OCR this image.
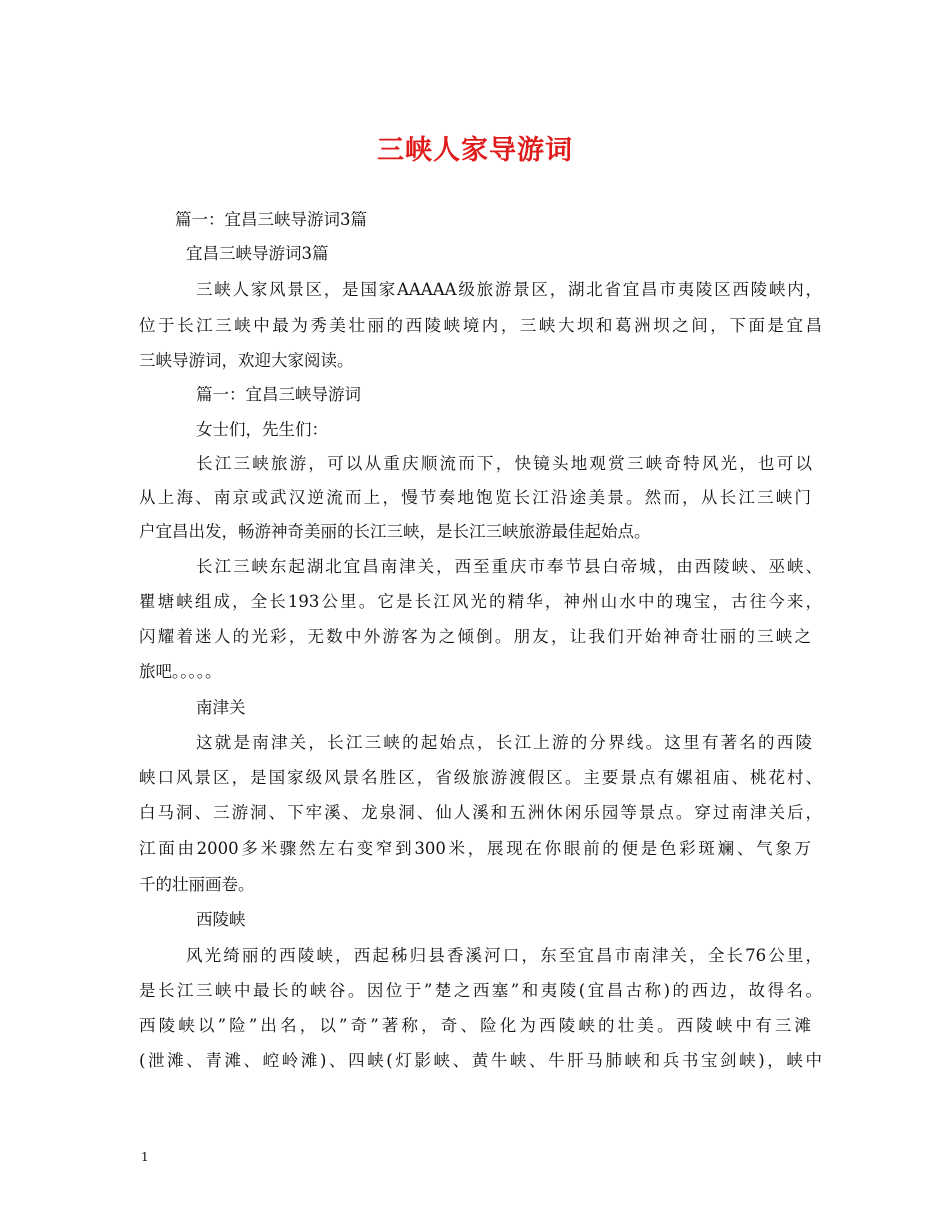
三峡人家导游词
篇一：宜昌三峡导游词3篇
宜昌三峡导游词3篇
三峡人家风景区，是国家AAAAA级旅游景区，湖北省宜昌市夷陵区西陵峡内，
位于长江三峡中最为秀美壮丽的西陵峡境内，三峡大坝和葛洲坝之间，下面是宜昌
三峡导游词，欢迎大家阅读。
篇一：宜昌三峡导游词
女士们，先生们：
长江三峡旅游，可以从重庆顺流而下，快镜头地观赏三峡奇特风光，也可以
从上海、南京或武汉逆流而上，慢节奏地饱览长江沿途美景。然而，从长江三峡门
户宜昌出发，畅游神奇美丽的长江三峡，是长江三峡旅游最佳起始点。
长江三峡东起湖北宜昌南津关，西至重庆市奉节县白帝城，由西陵峡、巫峡、
瞿塘峡组成，全长193公里。它是长江风光的精华，神州山水中的瑰宝，古往今来，
闪耀着迷人的光彩，无数中外游客为之倾倒。朋友，让我们开始神奇壮丽的三峡之
旅吧。。。。。
南津关
这就是南津关，长江三峡的起始点，长江上游的分界线。这里有著名的西陵
峡口风景区，是国家级风景名胜区，省级旅游渡假区。主要景点有嫘祖庙、桃花村、
白马洞、三游洞、下牢溪、龙泉洞、仙人溪和五洲休闲乐园等景点。穿过南津关后，
江面由2000多米骤然左右变窄到300米，展现在你眼前的便是色彩斑斓、气象万
千的壮丽画卷。
西陵峡
风光绮丽的西陵峡，西起秭归县香溪河口，东至宜昌市南津关，全长76公里，
是长江三峡中最长的峡谷。因位于”楚之西塞”和夷陵(宜昌古称)的西边，故得名。
西陵峡以”险”出名，以”奇”著称，奇、险化为西陵峡的壮美。西陵峡中有三滩
(泄滩、青滩、崆岭滩)、四峡(灯影峡、黄牛峡、牛肝马肺峡和兵书宝剑峡)，峡中
1
